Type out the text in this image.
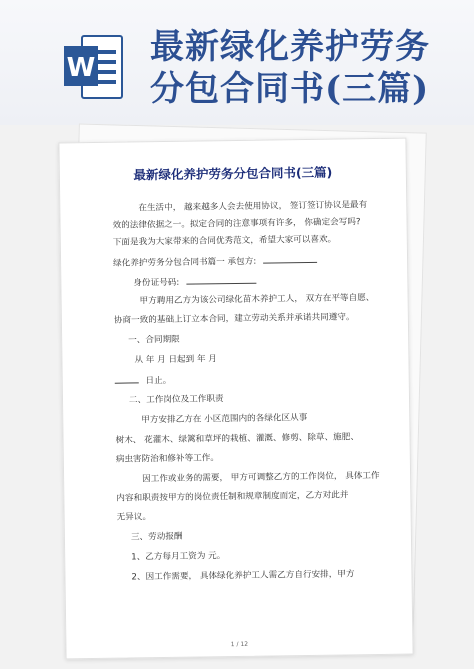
W
最新绿化养护劳务
分包合同书(三篇)
最新绿化养护劳务分包合同书(三篇)
在生活中， 越来越多人会去使用协议， 签订签订协议是最有
效的法律依据之一。拟定合同的注意事项有许多， 你确定会写吗?
下面是我为大家带来的合同优秀范文，希望大家可以喜欢。
绿化养护劳务分包合同书篇一 承包方:
身份证号码:
甲方聘用乙方为该公司绿化苗木养护工人， 双方在平等自愿、
协商一致的基础上订立本合同，建立劳动关系并承诺共同遵守。
一、合同期限
从 年 月 日起到 年 月
日止。
二、工作岗位及工作职责
甲方安排乙方在 小区范围内的各绿化区从事
树木、 花灌木、绿篱和草坪的栽植、灌溉、修剪、除草、施肥、
病虫害防治和修补等工作。
因工作或业务的需要， 甲方可调整乙方的工作岗位， 具体工作
内容和职责按甲方的岗位责任制和规章制度而定，乙方对此并
无异议。
三、劳动报酬
1、乙方每月工资为 元。
2、因工作需要， 具体绿化养护工人需乙方自行安排，甲方
1 / 12
